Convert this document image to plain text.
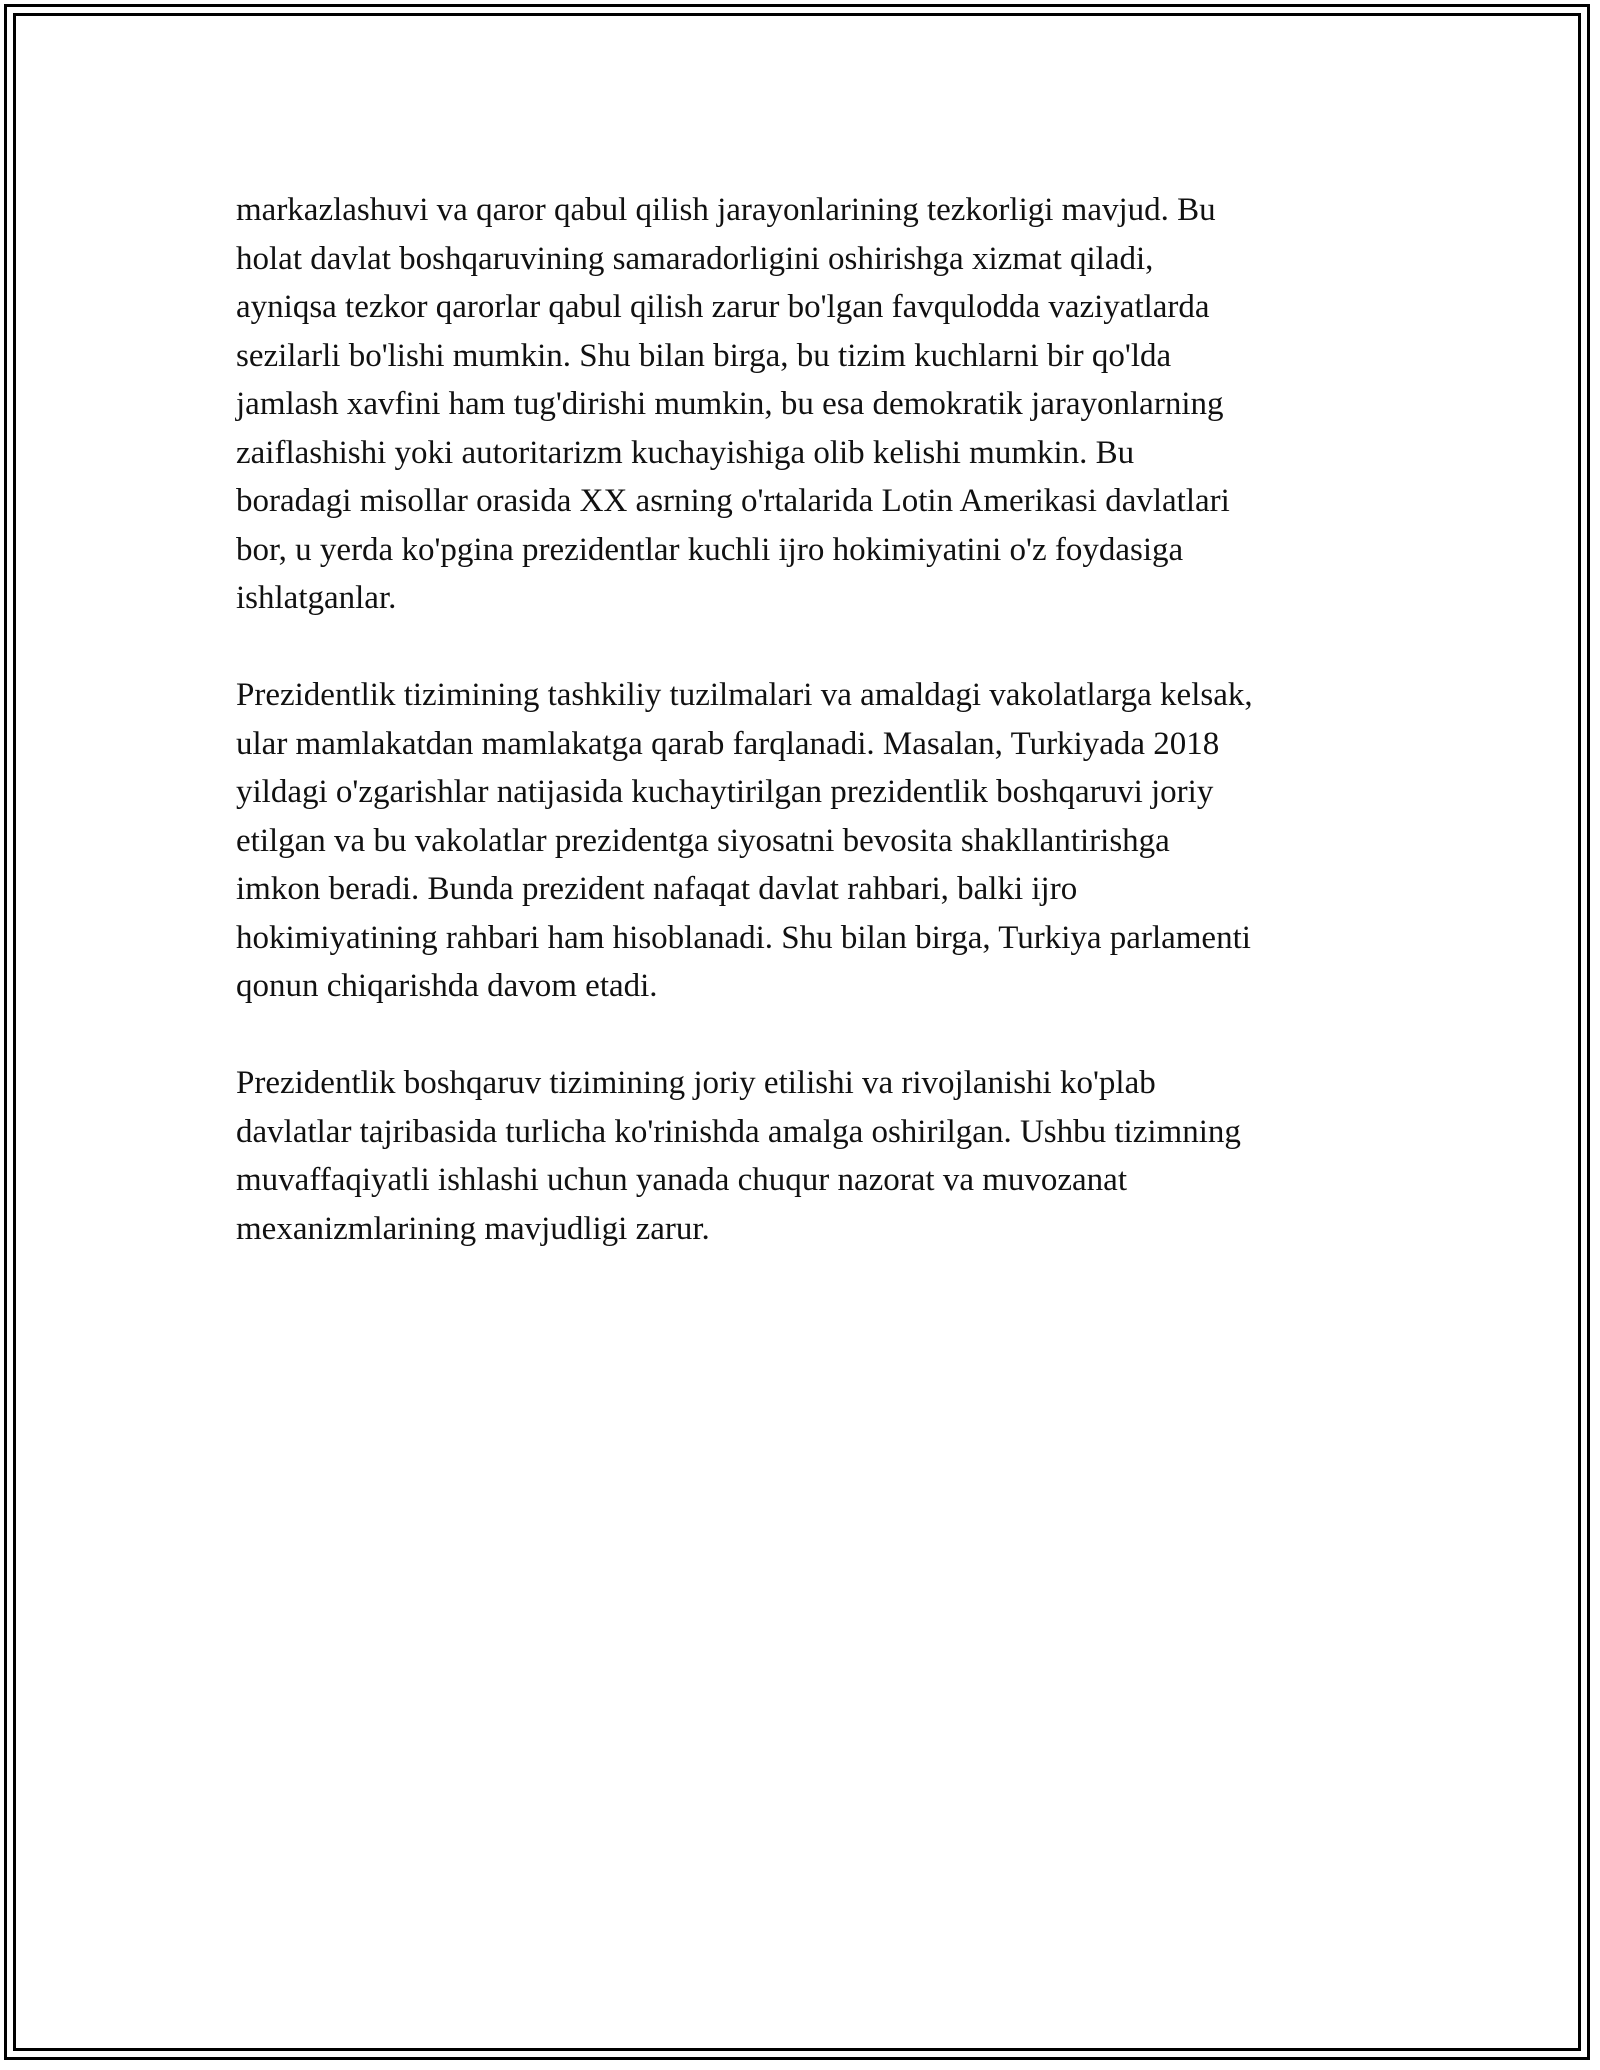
markazlashuvi va qaror qabul qilish jarayonlarining tezkorligi mavjud. Bu
holat davlat boshqaruvining samaradorligini oshirishga xizmat qiladi,
ayniqsa tezkor qarorlar qabul qilish zarur bo'lgan favqulodda vaziyatlarda
sezilarli bo'lishi mumkin. Shu bilan birga, bu tizim kuchlarni bir qo'lda
jamlash xavfini ham tug'dirishi mumkin, bu esa demokratik jarayonlarning
zaiflashishi yoki autoritarizm kuchayishiga olib kelishi mumkin. Bu
boradagi misollar orasida XX asrning o'rtalarida Lotin Amerikasi davlatlari
bor, u yerda ko'pgina prezidentlar kuchli ijro hokimiyatini o'z foydasiga
ishlatganlar.

Prezidentlik tizimining tashkiliy tuzilmalari va amaldagi vakolatlarga kelsak,
ular mamlakatdan mamlakatga qarab farqlanadi. Masalan, Turkiyada 2018
yildagi o'zgarishlar natijasida kuchaytirilgan prezidentlik boshqaruvi joriy
etilgan va bu vakolatlar prezidentga siyosatni bevosita shakllantirishga
imkon beradi. Bunda prezident nafaqat davlat rahbari, balki ijro
hokimiyatining rahbari ham hisoblanadi. Shu bilan birga, Turkiya parlamenti
qonun chiqarishda davom etadi.

Prezidentlik boshqaruv tizimining joriy etilishi va rivojlanishi ko'plab
davlatlar tajribasida turlicha ko'rinishda amalga oshirilgan. Ushbu tizimning
muvaffaqiyatli ishlashi uchun yanada chuqur nazorat va muvozanat
mexanizmlarining mavjudligi zarur.
